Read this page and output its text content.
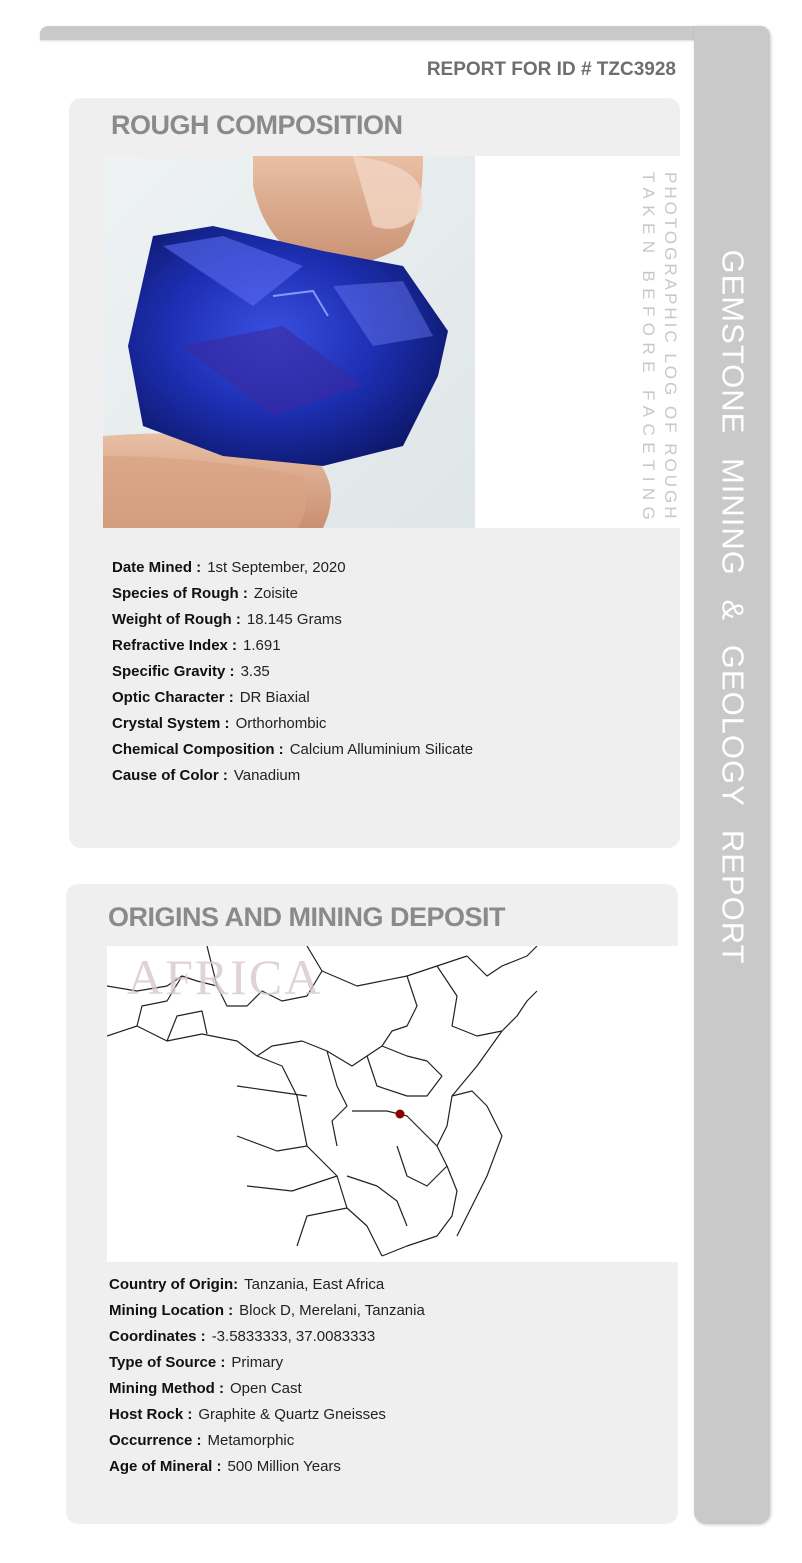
GEMSTONE MINING & GEOLOGY REPORT
REPORT FOR ID # TZC3928
ROUGH COMPOSITION
PHOTOGRAPHIC LOG OF ROUGH
TAKEN BEFORE FACETING
Date Mined : 1st September, 2020
Species of Rough : Zoisite
Weight of Rough : 18.145 Grams
Refractive Index : 1.691
Specific Gravity : 3.35
Optic Character : DR Biaxial
Crystal System : Orthorhombic
Chemical Composition : Calcium Alluminium Silicate
Cause of Color : Vanadium
ORIGINS AND MINING DEPOSIT
AFRICA
Country of Origin: Tanzania, East Africa
Mining Location : Block D, Merelani, Tanzania
Coordinates : -3.5833333, 37.0083333
Type of Source : Primary
Mining Method : Open Cast
Host Rock : Graphite & Quartz Gneisses
Occurrence : Metamorphic
Age of Mineral : 500 Million Years
